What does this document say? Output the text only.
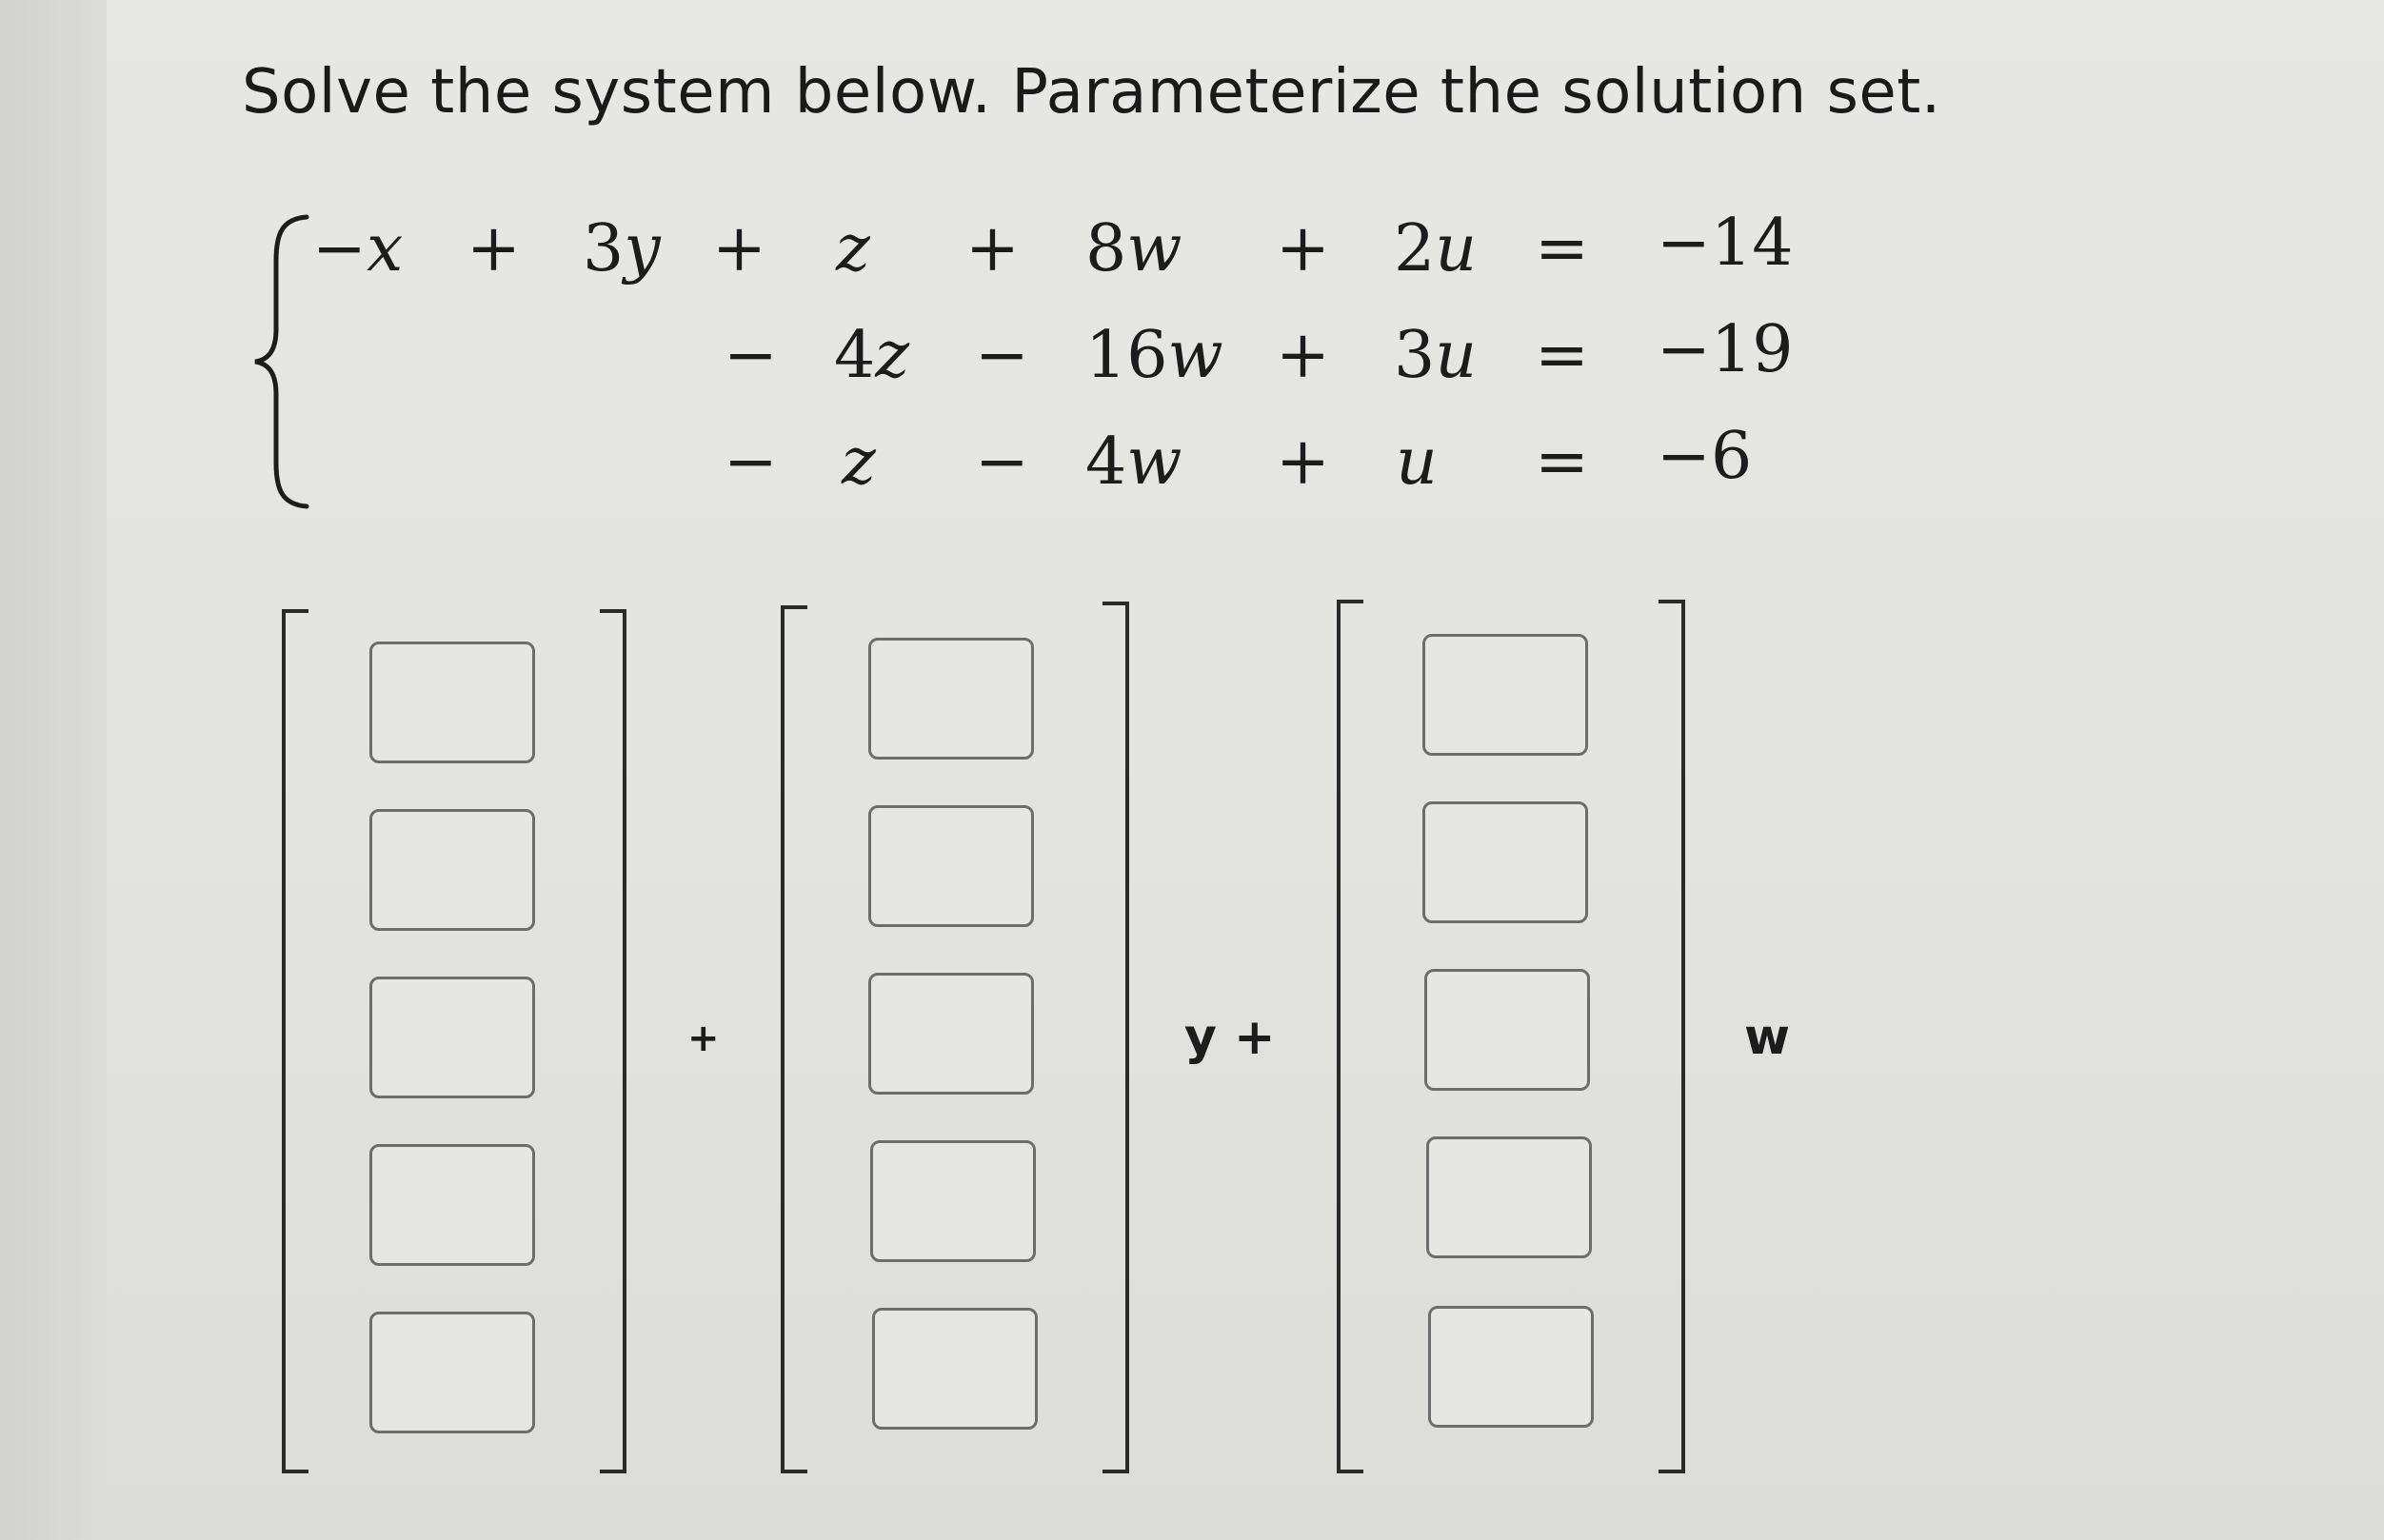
Solve the system below. Parameterize the solution set.
−x + 3y + z + 8w + 2u = −14
− 4z − 16w + 3u = −19
− z − 4w + u = −6
+	y +	w
